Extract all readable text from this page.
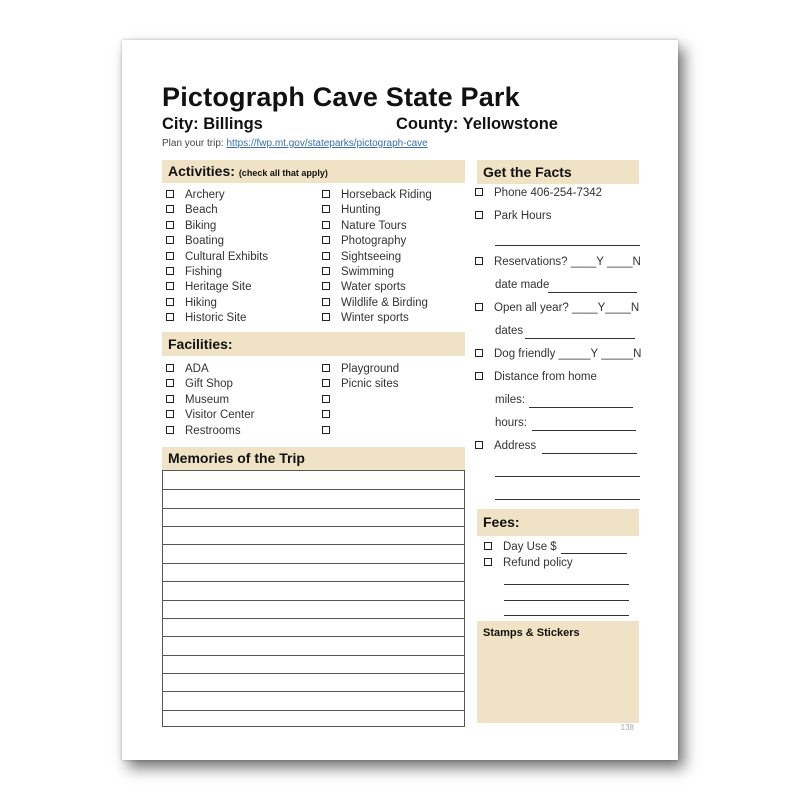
Pictograph Cave State Park
City: Billings	County: Yellowstone
Plan your trip: https://fwp.mt.gov/stateparks/pictograph-cave
Activities: (check all that apply)
Archery
Beach
Biking
Boating
Cultural Exhibits
Fishing
Heritage Site
Hiking
Historic Site
Horseback Riding
Hunting
Nature Tours
Photography
Sightseeing
Swimming
Water sports
Wildlife & Birding
Winter sports
Facilities:
ADA
Gift Shop
Museum
Visitor Center
Restrooms
Playground
Picnic sites
Memories of the Trip
Get the Facts
Phone 406-254-7342
Park Hours
Reservations? ____Y ____N
date made
Open all year? ____Y____N
dates
Dog friendly _____Y _____N
Distance from home
miles:
hours:
Address
Fees:
Day Use $
Refund policy
Stamps & Stickers
138
